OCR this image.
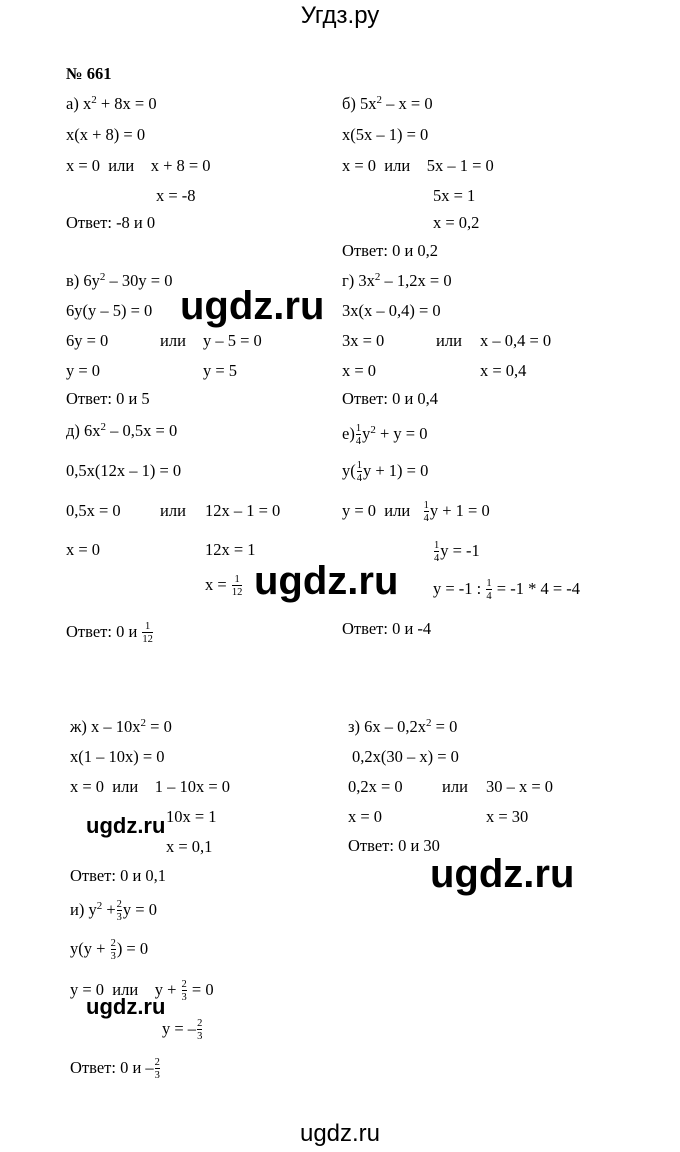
Угдз.ру
№ 661
а) $x^2 + 8x = 0$
x(x + 8) = 0
x = 0  или    x + 8 = 0
x = -8
Ответ: -8 и 0
б) $5x^2 - x = 0$
x(5x – 1) = 0
x = 0  или    5x – 1 = 0
5x = 1
x = 0,2
Ответ: 0 и 0,2
в) $6y^2 - 30y = 0$
6y(y – 5) = 0
6y = 0	или y – 5 = 0
y = 0	y = 5
Ответ: 0 и 5
г) $3x^2 - 1,2x = 0$
3x(x – 0,4) = 0
3x = 0	или x – 0,4 = 0
x = 0	x = 0,4
Ответ: 0 и 0,4
д) $6x^2 - 0,5x = 0$
0,5x(12x – 1) = 0
0,5x = 0 или 12x – 1 = 0
x = 0	12x = 1
$x = \frac{1}{12}$
Ответ: 0 и $\frac{1}{12}$
$е) \frac{1}{4} y^2 + y = 0$
$y( \frac{1}{4}$ y + 1) = 0
y = 0  или $\frac{1}{4}$ y + 1 = 0
$\frac{1}{4}$ y = -1
y = -1 : $\frac{1}{4} = -1 * 4 = -4$
Ответ: 0 и -4
ж) $x - 10x^2 = 0$
x(1 – 10x) = 0
x = 0  или    1 – 10x = 0
10x = 1
x = 0,1
Ответ: 0 и 0,1
з) $6x - 0,2x^2 = 0$
0,2x(30 – x) = 0
0,2x = 0 или 30 – x = 0
x = 0	x = 30
Ответ: 0 и 30
и) $y^2 + \frac{2}{3}$ y = 0
$y(y + \frac{2}{3}$ ) = 0
y = 0  или    $y + \frac{2}{3} = 0$
y = – $\frac{2}{3}$
Ответ: 0 и – $\frac{2}{3}$
ugdz.ru
ugdz.ru
ugdz.ru
ugdz.ru
ugdz.ru
ugdz.ru
